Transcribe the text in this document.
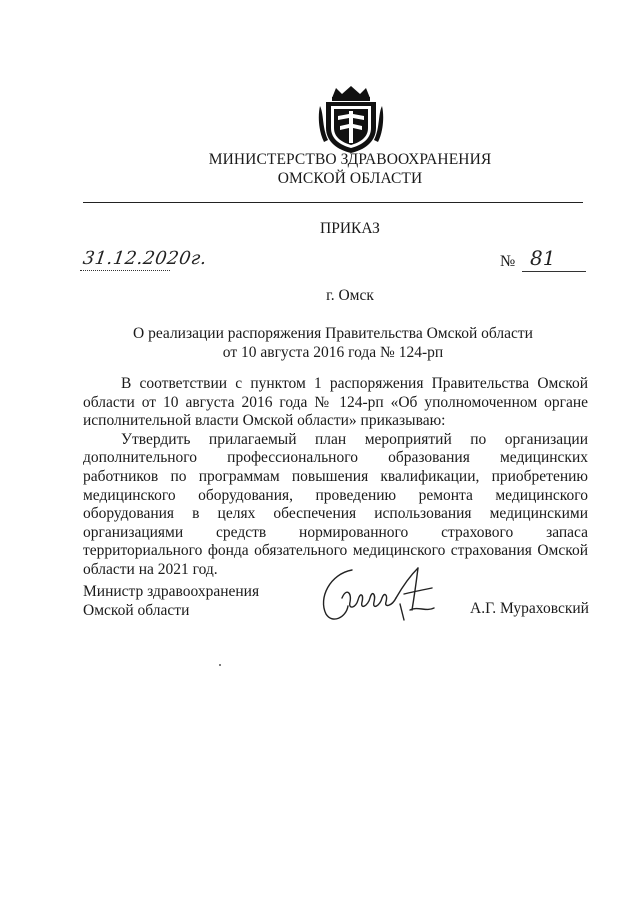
МИНИСТЕРСТВО ЗДРАВООХРАНЕНИЯ
ОМСКОЙ ОБЛАСТИ
ПРИКАЗ
31.12.2020г.	№ 81
г. Омск
О реализации распоряжения Правительства Омской области
от 10 августа 2016 года № 124-рп

В соответствии с пунктом 1 распоряжения Правительства Омской области от 10 августа 2016 года № 124-рп «Об уполномоченном органе исполнительной власти Омской области» приказываю:

Утвердить прилагаемый план мероприятий по организации дополнительного профессионального образования медицинских работников по программам повышения квалификации, приобретению медицинского оборудования, проведению ремонта медицинского оборудования в целях обеспечения использования медицинскими организациями средств нормированного страхового запаса территориального фонда обязательного медицинского страхования Омской области на 2021 год.

Министр здравоохранения
Омской области	А.Г. Мураховский
